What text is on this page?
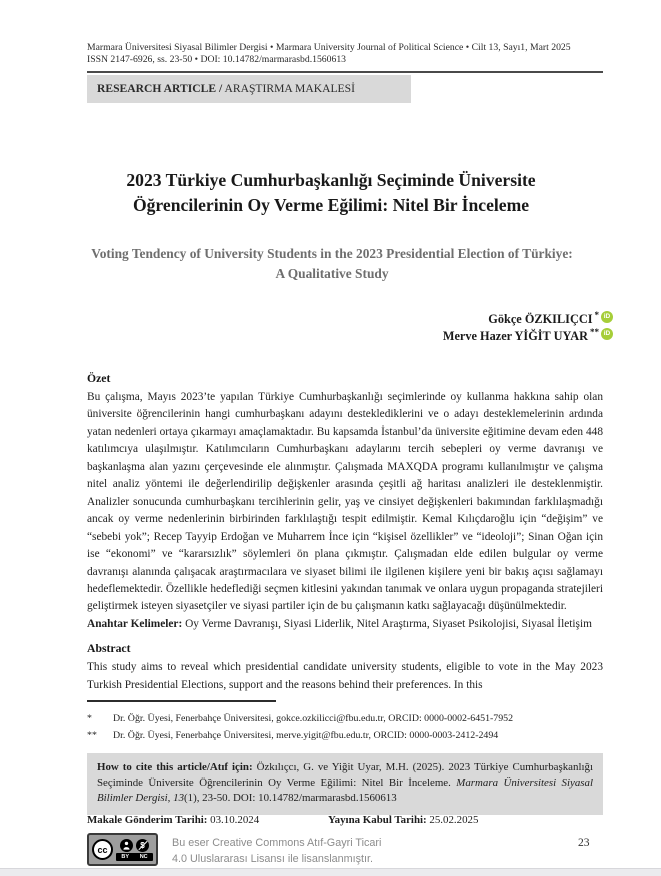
Marmara Üniversitesi Siyasal Bilimler Dergisi • Marmara University Journal of Political Science • Cilt 13, Sayı1, Mart 2025
ISSN 2147-6926, ss. 23-50 • DOI: 10.14782/marmarasbd.1560613
RESEARCH ARTICLE / ARAŞTIRMA MAKALESİ
2023 Türkiye Cumhurbaşkanlığı Seçiminde Üniversite Öğrencilerinin Oy Verme Eğilimi: Nitel Bir İnceleme
Voting Tendency of University Students in the 2023 Presidential Election of Türkiye: A Qualitative Study
Gökçe ÖZKILIÇCI * iD
Merve Hazer YİĞİT UYAR ** iD
Özet

Bu çalışma, Mayıs 2023’te yapılan Türkiye Cumhurbaşkanlığı seçimlerinde oy kullanma hakkına sahip olan üniversite öğrencilerinin hangi cumhurbaşkanı adayını desteklediklerini ve o adayı desteklemelerinin ardında yatan nedenleri ortaya çıkarmayı amaçlamaktadır. Bu kapsamda İstanbul’da üniversite eğitimine devam eden 448 katılımcıya ulaşılmıştır. Katılımcıların Cumhurbaşkanı adaylarını tercih sebepleri oy verme davranışı ve başkanlaşma alan yazını çerçevesinde ele alınmıştır. Çalışmada MAXQDA programı kullanılmıştır ve çalışma nitel analiz yöntemi ile değerlendirilip değişkenler arasında çeşitli ağ haritası analizleri ile desteklenmiştir. Analizler sonucunda cumhurbaşkanı tercihlerinin gelir, yaş ve cinsiyet değişkenleri bakımından farklılaşmadığı ancak oy verme nedenlerinin birbirinden farklılaştığı tespit edilmiştir. Kemal Kılıçdaroğlu için “değişim” ve “sebebi yok”; Recep Tayyip Erdoğan ve Muharrem İnce için “kişisel özellikler” ve “ideoloji”; Sinan Oğan için ise “ekonomi” ve “kararsızlık” söylemleri ön plana çıkmıştır. Çalışmadan elde edilen bulgular oy verme davranışı alanında çalışacak araştırmacılara ve siyaset bilimi ile ilgilenen kişilere yeni bir bakış açısı sağlamayı hedeflemektedir. Özellikle hedeflediği seçmen kitlesini yakından tanımak ve onlara uygun propaganda stratejileri geliştirmek isteyen siyasetçiler ve siyasi partiler için de bu çalışmanın katkı sağlayacağı düşünülmektedir.

Anahtar Kelimeler: Oy Verme Davranışı, Siyasi Liderlik, Nitel Araştırma, Siyaset Psikolojisi, Siyasal İletişim

Abstract

This study aims to reveal which presidential candidate university students, eligible to vote in the May 2023 Turkish Presidential Elections, support and the reasons behind their preferences. In this

*	Dr. Öğr. Üyesi, Fenerbahçe Üniversitesi, gokce.ozkilicci@fbu.edu.tr, ORCID: 0000-0002-6451-7952
**	Dr. Öğr. Üyesi, Fenerbahçe Üniversitesi, merve.yigit@fbu.edu.tr, ORCID: 0000-0003-2412-2494
How to cite this article/Atıf için: Özkılıçcı, G. ve Yiğit Uyar, M.H. (2025). 2023 Türkiye Cumhurbaşkanlığı Seçiminde Üniversite Öğrencilerinin Oy Verme Eğilimi: Nitel Bir İnceleme. Marmara Üniversitesi Siyasal Bilimler Dergisi, 13(1), 23-50. DOI: 10.14782/marmarasbd.1560613
Makale Gönderim Tarihi: 03.10.2024	Yayına Kabul Tarihi: 25.02.2025
23
cc
BY NC
Bu eser Creative Commons Atıf-Gayri Ticari
4.0 Uluslararası Lisansı ile lisanslanmıştır.
